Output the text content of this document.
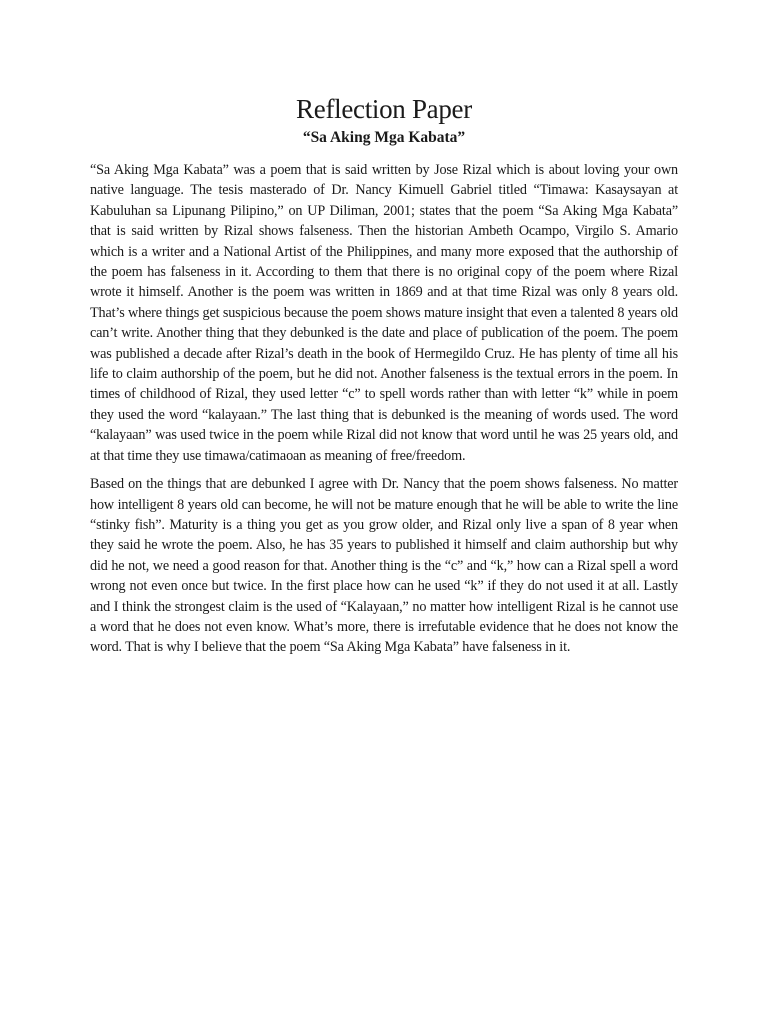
Reflection Paper
“Sa Aking Mga Kabata”

“Sa Aking Mga Kabata” was a poem that is said written by Jose Rizal which is about loving your own native language. The tesis masterado of Dr. Nancy Kimuell Gabriel titled “Timawa: Kasaysayan at Kabuluhan sa Lipunang Pilipino,” on UP Diliman, 2001; states that the poem “Sa Aking Mga Kabata” that is said written by Rizal shows falseness. Then the historian Ambeth Ocampo, Virgilo S. Amario which is a writer and a National Artist of the Philippines, and many more exposed that the authorship of the poem has falseness in it. According to them that there is no original copy of the poem where Rizal wrote it himself. Another is the poem was written in 1869 and at that time Rizal was only 8 years old. That’s where things get suspicious because the poem shows mature insight that even a talented 8 years old can’t write. Another thing that they debunked is the date and place of publication of the poem. The poem was published a decade after Rizal’s death in the book of Hermegildo Cruz. He has plenty of time all his life to claim authorship of the poem, but he did not. Another falseness is the textual errors in the poem. In times of childhood of Rizal, they used letter “c” to spell words rather than with letter “k” while in poem they used the word “kalayaan.” The last thing that is debunked is the meaning of words used. The word “kalayaan” was used twice in the poem while Rizal did not know that word until he was 25 years old, and at that time they use timawa/catimaoan as meaning of free/freedom.

Based on the things that are debunked I agree with Dr. Nancy that the poem shows falseness. No matter how intelligent 8 years old can become, he will not be mature enough that he will be able to write the line “stinky fish”. Maturity is a thing you get as you grow older, and Rizal only live a span of 8 year when they said he wrote the poem. Also, he has 35 years to published it himself and claim authorship but why did he not, we need a good reason for that. Another thing is the “c” and “k,” how can a Rizal spell a word wrong not even once but twice. In the first place how can he used “k” if they do not used it at all. Lastly and I think the strongest claim is the used of “Kalayaan,” no matter how intelligent Rizal is he cannot use a word that he does not even know. What’s more, there is irrefutable evidence that he does not know the word. That is why I believe that the poem “Sa Aking Mga Kabata” have falseness in it.
